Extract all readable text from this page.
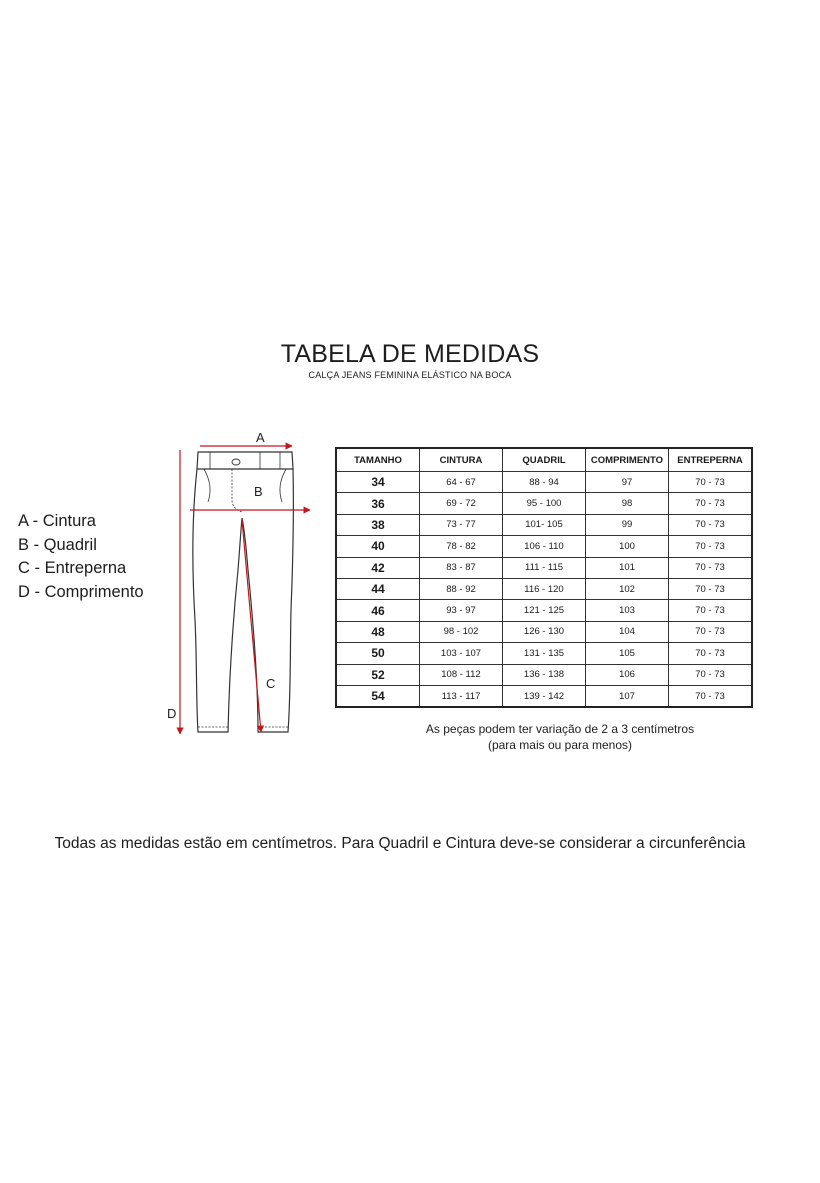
TABELA DE MEDIDAS
CALÇA JEANS FEMININA ELÁSTICO NA BOCA
A - Cintura
B - Quadril
C - Entreperna
D - Comprimento
A
B
C
D
TAMANHO	CINTURA	QUADRIL	COMPRIMENTO	ENTREPERNA
34	64 - 67	88 - 94	97	70 - 73
36	69 - 72	95 - 100	98	70 - 73
38	73 - 77	101- 105	99	70 - 73
40	78 - 82	106 - 110	100	70 - 73
42	83 - 87	111 - 115	101	70 - 73
44	88 - 92	116 - 120	102	70 - 73
46	93 - 97	121 - 125	103	70 - 73
48	98 - 102	126 - 130	104	70 - 73
50	103 - 107	131 - 135	105	70 - 73
52	108 - 112	136 - 138	106	70 - 73
54	113 - 117	139 - 142	107	70 - 73
As peças podem ter variação de 2 a 3 centímetros
(para mais ou para menos)
Todas as medidas estão em centímetros. Para Quadril e Cintura deve-se considerar a circunferência
